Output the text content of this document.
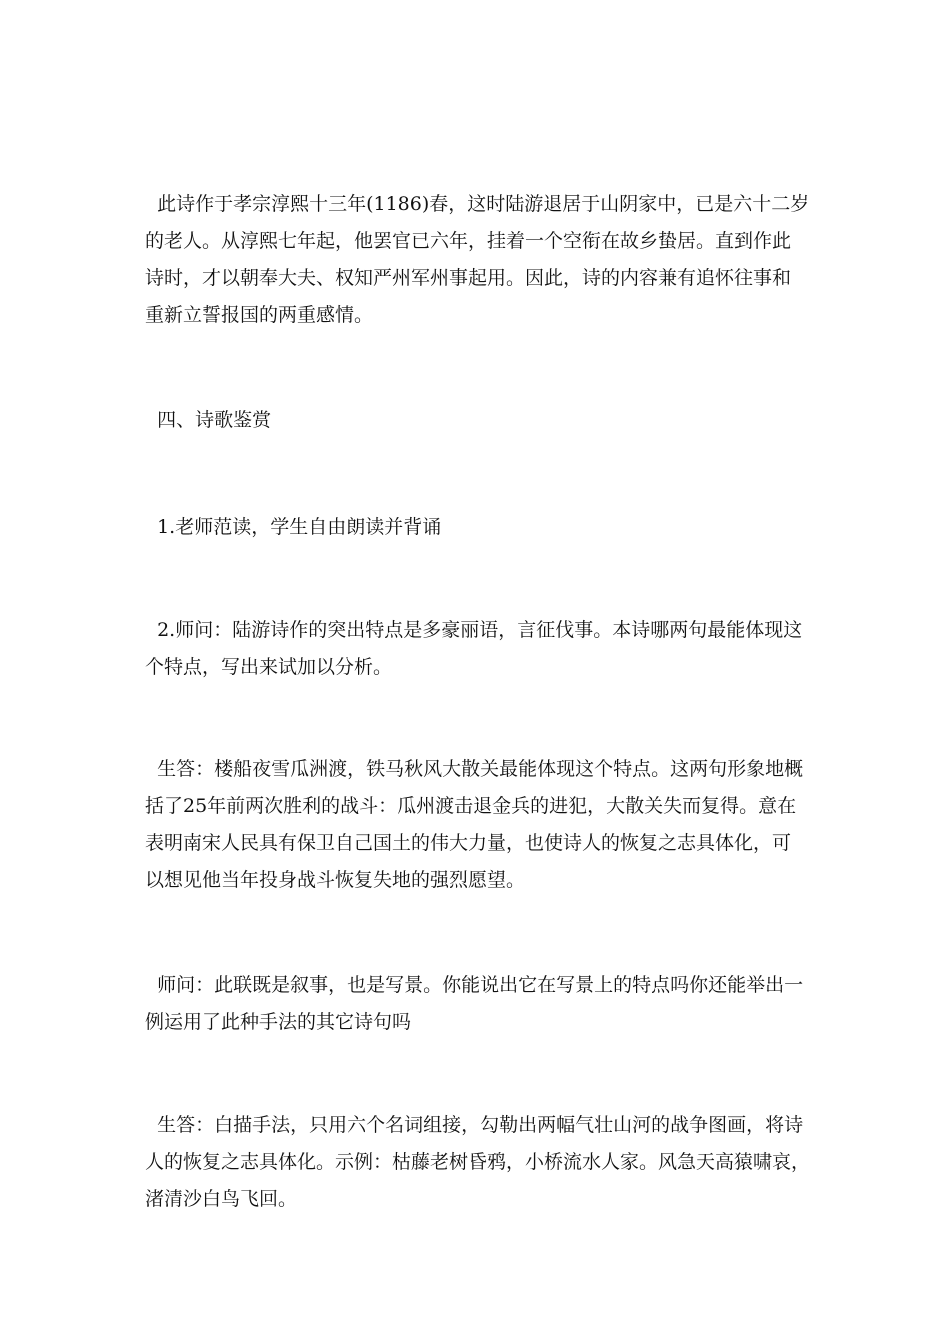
此诗作于孝宗淳熙十三年(1186)春，这时陆游退居于山阴家中，已是六十二岁
的老人。从淳熙七年起，他罢官已六年，挂着一个空衔在故乡蛰居。直到作此
诗时，才以朝奉大夫、权知严州军州事起用。因此，诗的内容兼有追怀往事和
重新立誓报国的两重感情。
四、诗歌鉴赏
1.老师范读，学生自由朗读并背诵
2.师问：陆游诗作的突出特点是多豪丽语，言征伐事。本诗哪两句最能体现这
个特点，写出来试加以分析。
生答：楼船夜雪瓜洲渡，铁马秋风大散关最能体现这个特点。这两句形象地概
括了25年前两次胜利的战斗：瓜州渡击退金兵的进犯，大散关失而复得。意在
表明南宋人民具有保卫自己国土的伟大力量，也使诗人的恢复之志具体化，可
以想见他当年投身战斗恢复失地的强烈愿望。
师问：此联既是叙事，也是写景。你能说出它在写景上的特点吗你还能举出一
例运用了此种手法的其它诗句吗
生答：白描手法，只用六个名词组接，勾勒出两幅气壮山河的战争图画，将诗
人的恢复之志具体化。示例：枯藤老树昏鸦，小桥流水人家。风急天高猿啸哀，
渚清沙白鸟飞回。
